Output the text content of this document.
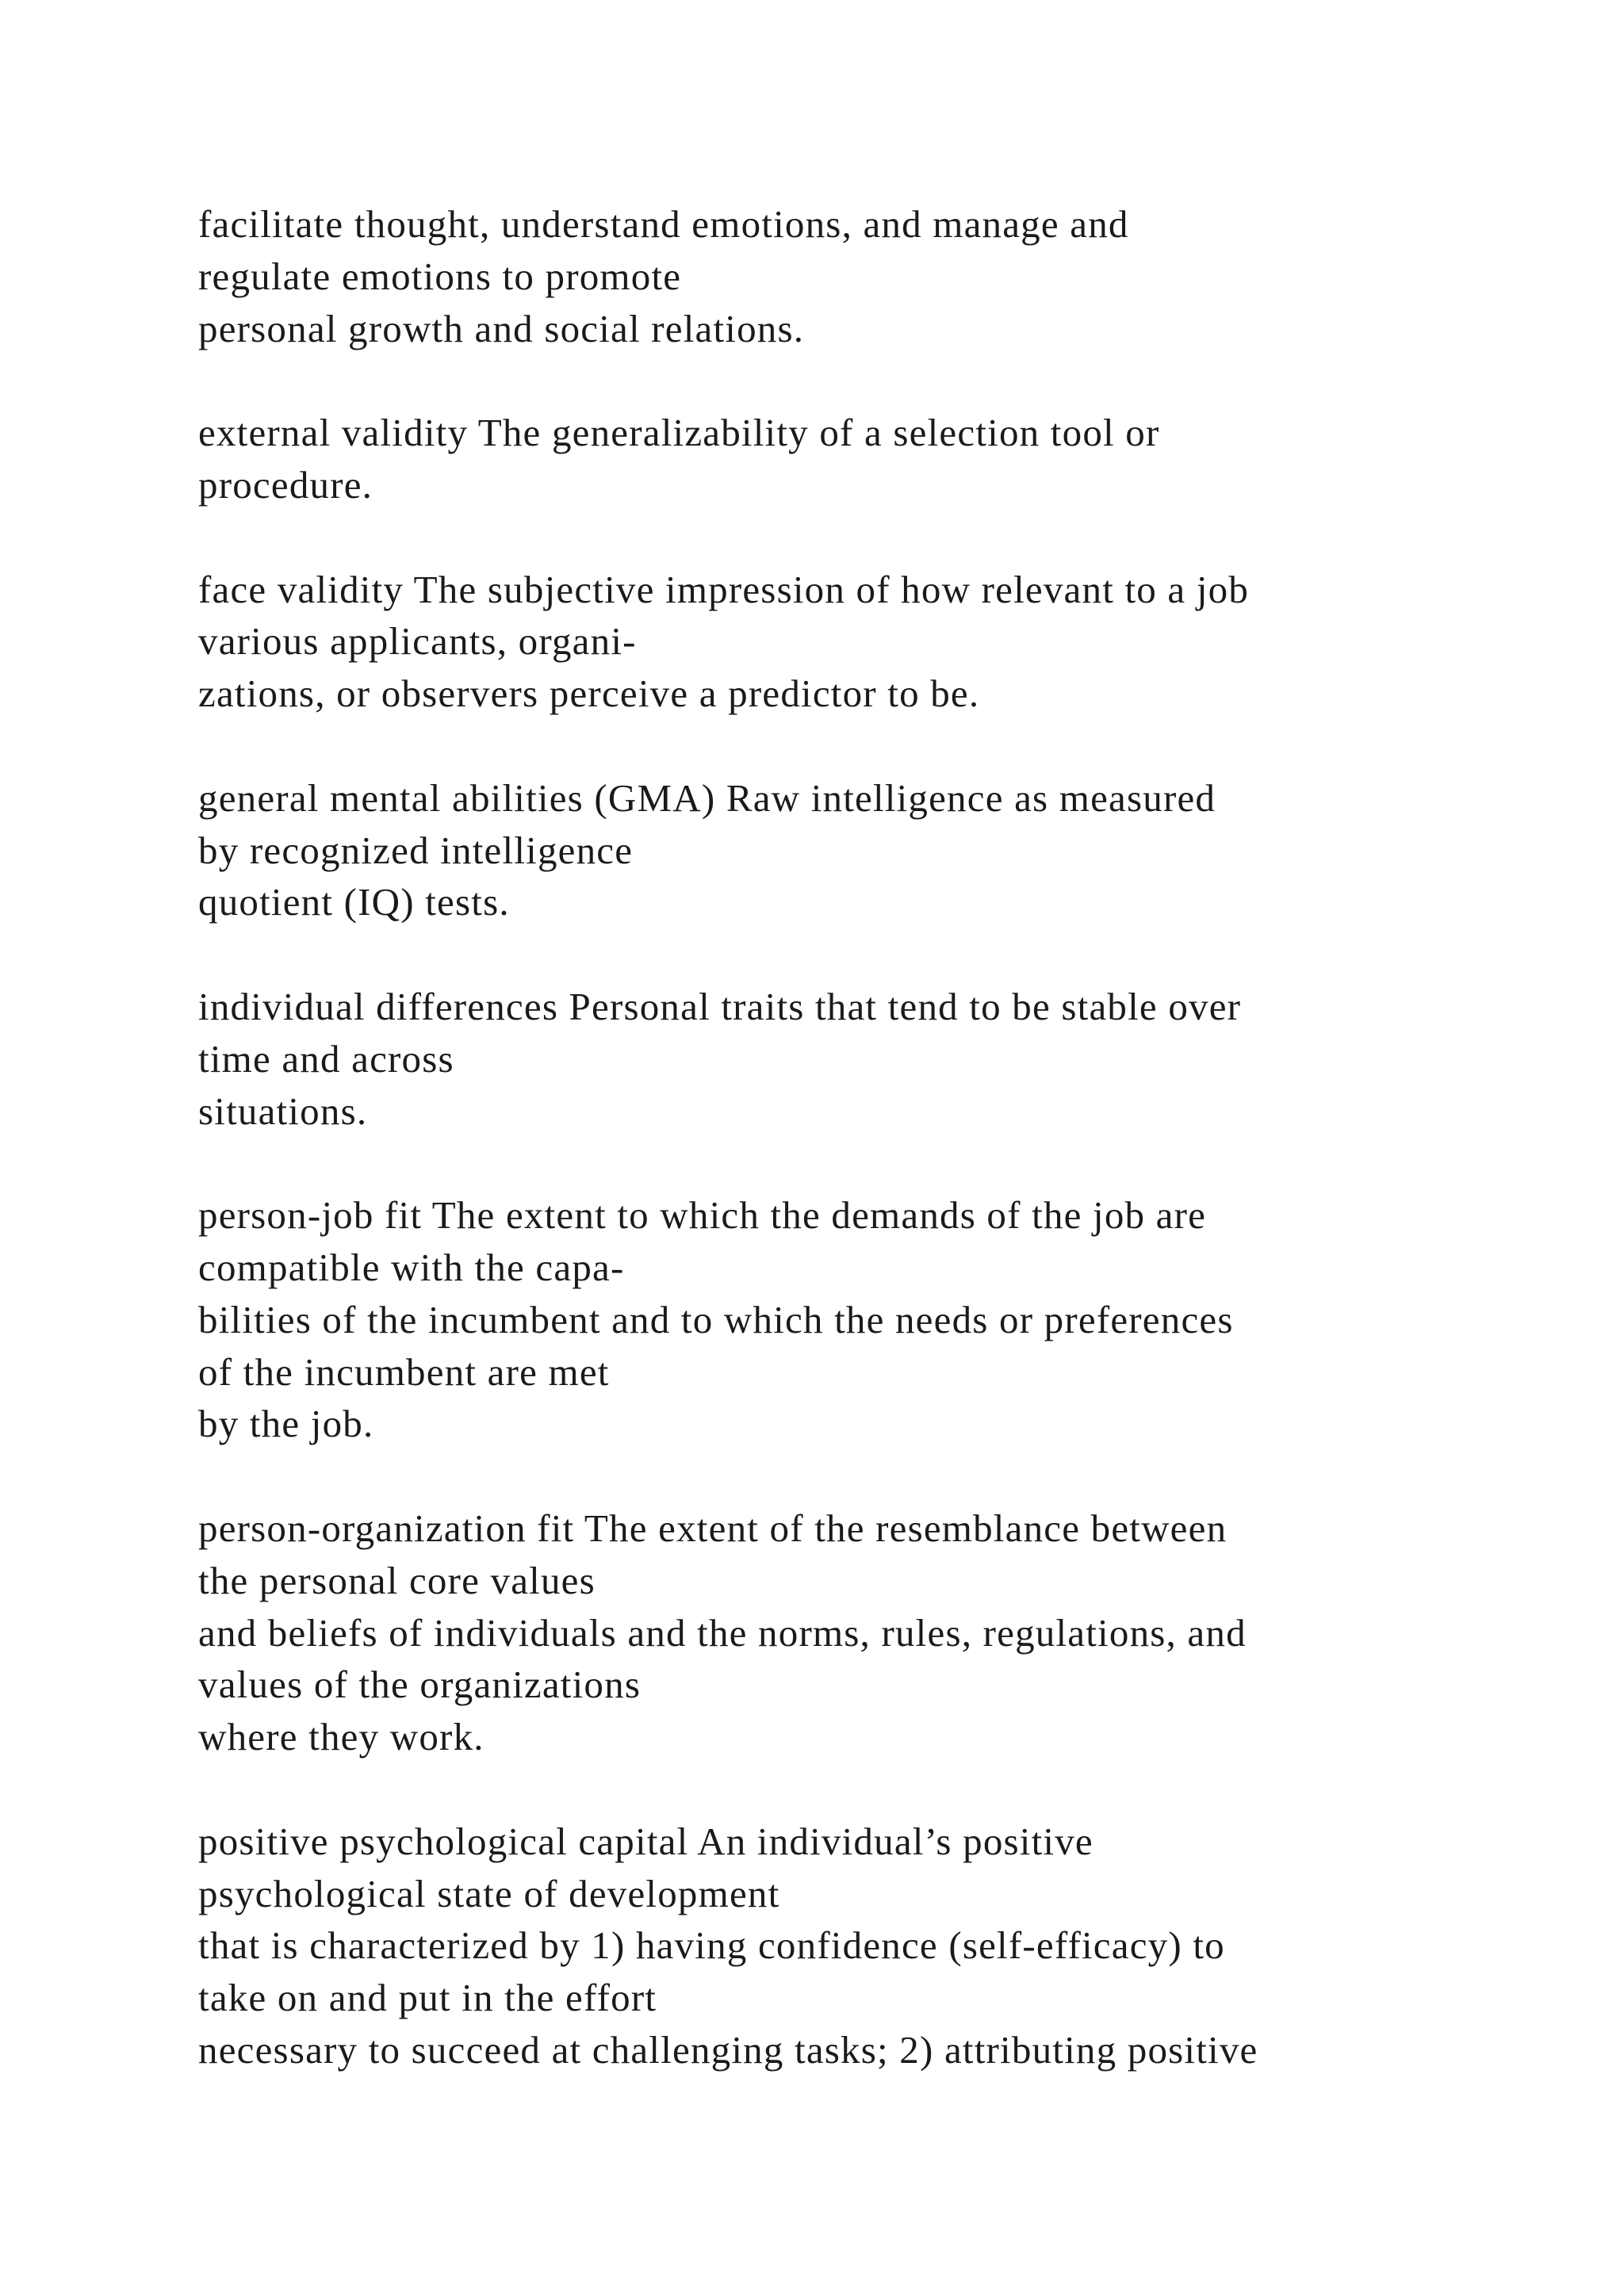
facilitate thought, understand emotions, and manage and
regulate emotions to promote
personal growth and social relations.
external validity The generalizability of a selection tool or
procedure.
face validity The subjective impression of how relevant to a job
various applicants, organi-
zations, or observers perceive a predictor to be.
general mental abilities (GMA) Raw intelligence as measured
by recognized intelligence
quotient (IQ) tests.
individual differences Personal traits that tend to be stable over
time and across
situations.
person-job fit The extent to which the demands of the job are
compatible with the capa-
bilities of the incumbent and to which the needs or preferences
of the incumbent are met
by the job.
person-organization fit The extent of the resemblance between
the personal core values
and beliefs of individuals and the norms, rules, regulations, and
values of the organizations
where they work.
positive psychological capital An individual’s positive
psychological state of development
that is characterized by 1) having confidence (self-efficacy) to
take on and put in the effort
necessary to succeed at challenging tasks; 2) attributing positive
